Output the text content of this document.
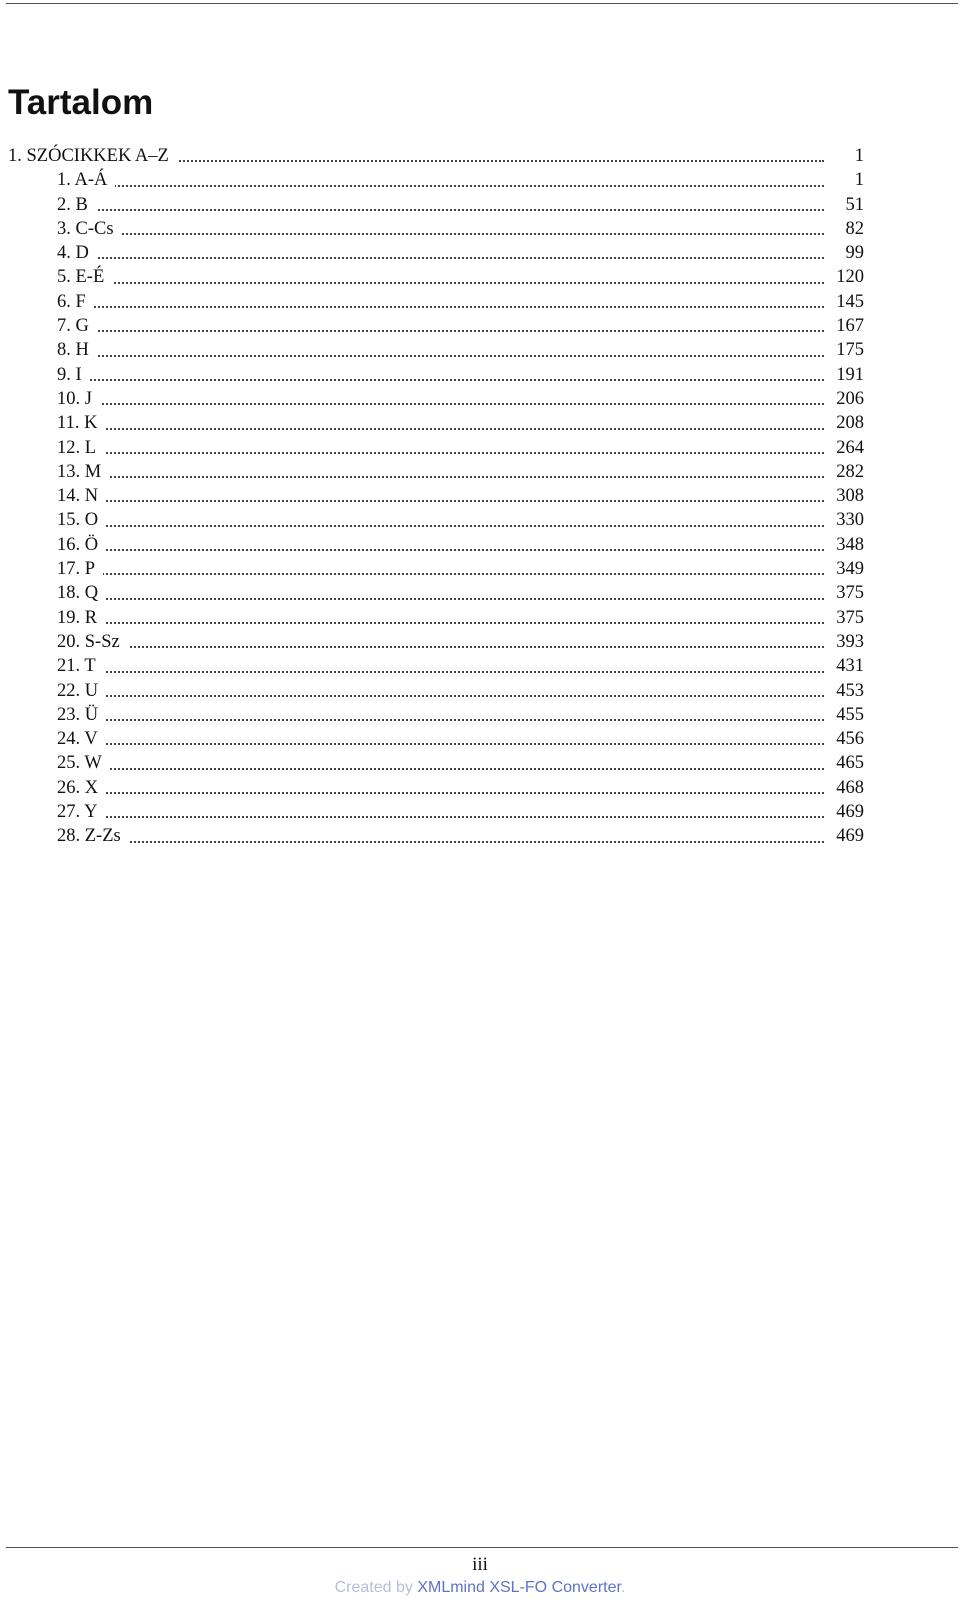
Tartalom
1. SZÓCIKKEK A–Z	1
1. A-Á	1
2. B	51
3. C-Cs	82
4. D	99
5. E-É	120
6. F	145
7. G	167
8. H	175
9. I	191
10. J	206
11. K	208
12. L	264
13. M	282
14. N	308
15. O	330
16. Ö	348
17. P	349
18. Q	375
19. R	375
20. S-Sz	393
21. T	431
22. U	453
23. Ü	455
24. V	456
25. W	465
26. X	468
27. Y	469
28. Z-Zs	469
iii
Created by XMLmind XSL-FO Converter.
